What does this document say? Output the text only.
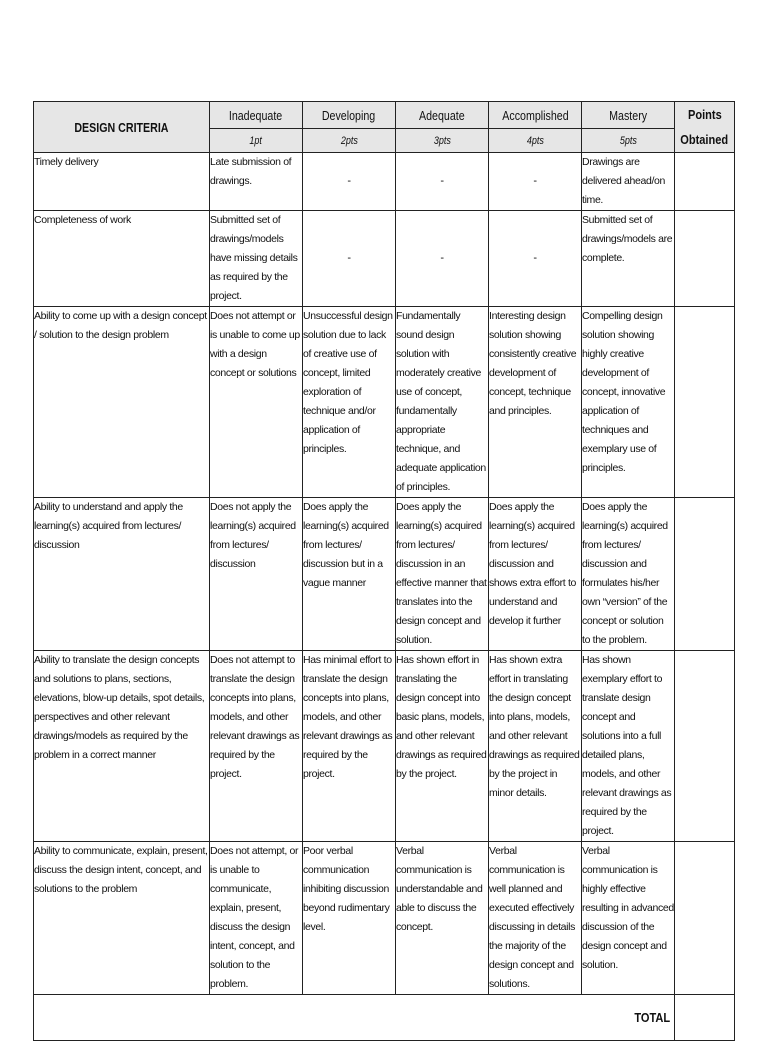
DESIGN CRITERIA	Inadequate	Developing	Adequate	Accomplished	Mastery	Points
Obtained
	1pt	2pts	3pts	4pts	5pts	
Timely delivery	Late submission of drawings.	-	-	-	Drawings are delivered ahead/on time.	
Completeness of work	Submitted set of drawings/models have missing details as required by the project.	-	-	-	Submitted set of drawings/models are complete.	
Ability to come up with a design concept / solution to the design problem	Does not attempt or is unable to come up with a design concept or solutions	Unsuccessful design solution due to lack of creative use of concept, limited exploration of technique and/or application of principles.	Fundamentally sound design solution with moderately creative use of concept, fundamentally appropriate technique, and adequate application of principles.	Interesting design solution showing consistently creative development of concept, technique and principles.	Compelling design solution showing highly creative development of concept, innovative application of techniques and exemplary use of principles.	
Ability to understand and apply the learning(s) acquired from lectures/ discussion	Does not apply the learning(s) acquired from lectures/ discussion	Does apply the learning(s) acquired from lectures/ discussion but in a vague manner	Does apply the learning(s) acquired from lectures/ discussion in an effective manner that translates into the design concept and solution.	Does apply the learning(s) acquired from lectures/ discussion and shows extra effort to understand and develop it further	Does apply the learning(s) acquired from lectures/ discussion and formulates his/her own “version” of the concept or solution to the problem.	
Ability to translate the design concepts and solutions to plans, sections, elevations, blow-up details, spot details, perspectives and other relevant drawings/models as required by the problem in a correct manner	Does not attempt to translate the design concepts into plans, models, and other relevant drawings as required by the project.	Has minimal effort to translate the design concepts into plans, models, and other relevant drawings as required by the project.	Has shown effort in translating the design concept into basic plans, models, and other relevant drawings as required by the project.	Has shown extra effort in translating the design concept into plans, models, and other relevant drawings as required by the project in minor details.	Has shown exemplary effort to translate design concept and solutions into a full detailed plans, models, and other relevant drawings as required by the project.	
Ability to communicate, explain, present, discuss the design intent, concept, and solutions to the problem	Does not attempt, or is unable to communicate, explain, present, discuss the design intent, concept, and solution to the problem.	Poor verbal communication inhibiting discussion beyond rudimentary level.	Verbal communication is understandable and able to discuss the concept.	Verbal communication is well planned and executed effectively discussing in details the majority of the design concept and solutions.	Verbal communication is highly effective resulting in advanced discussion of the design concept and solution.	
TOTAL						
